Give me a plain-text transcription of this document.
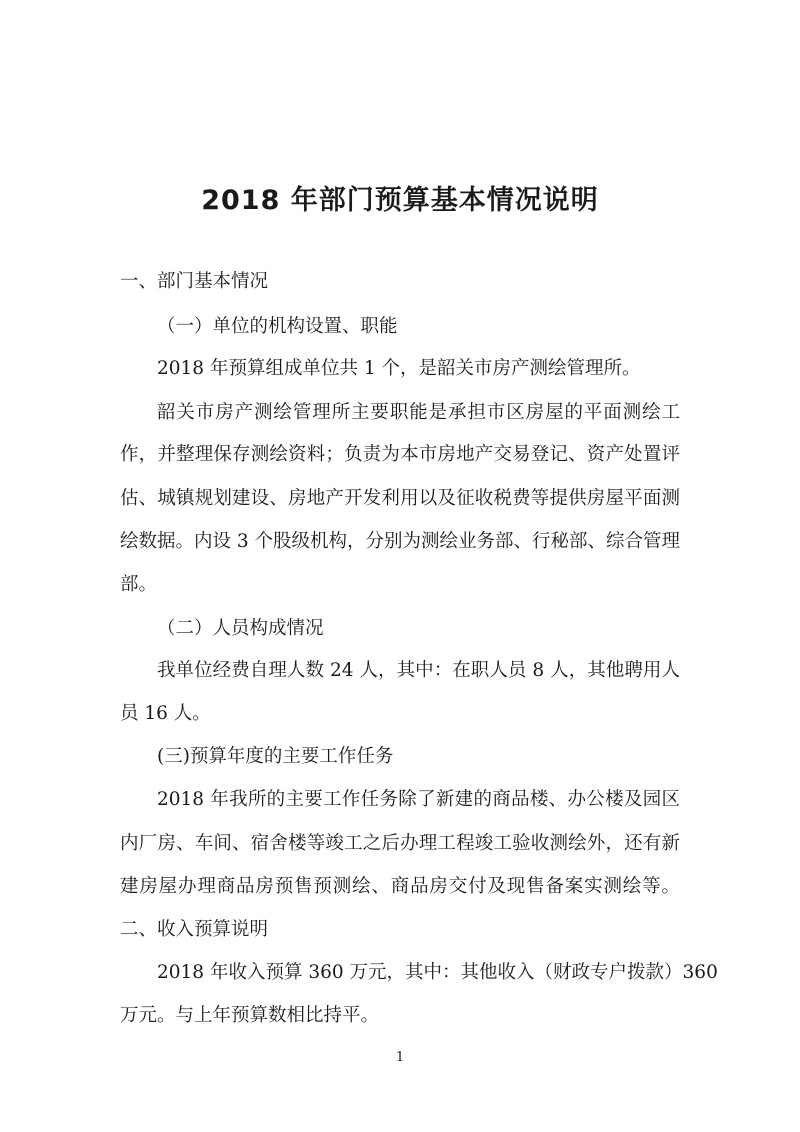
2018 年部门预算基本情况说明
一、部门基本情况
（一）单位的机构设置、职能
2018 年预算组成单位共 1 个，是韶关市房产测绘管理所。
韶关市房产测绘管理所主要职能是承担市区房屋的平面测绘工
作，并整理保存测绘资料；负责为本市房地产交易登记、资产处置评
估、城镇规划建设、房地产开发利用以及征收税费等提供房屋平面测
绘数据。内设 3 个股级机构，分别为测绘业务部、行秘部、综合管理
部。
（二）人员构成情况
我单位经费自理人数 24 人，其中：在职人员 8 人，其他聘用人
员 16 人。
(三)预算年度的主要工作任务
2018 年我所的主要工作任务除了新建的商品楼、办公楼及园区
内厂房、车间、宿舍楼等竣工之后办理工程竣工验收测绘外，还有新
建房屋办理商品房预售预测绘、商品房交付及现售备案实测绘等。
二、收入预算说明
2018 年收入预算 360 万元，其中：其他收入（财政专户拨款）360
万元。与上年预算数相比持平。
1
